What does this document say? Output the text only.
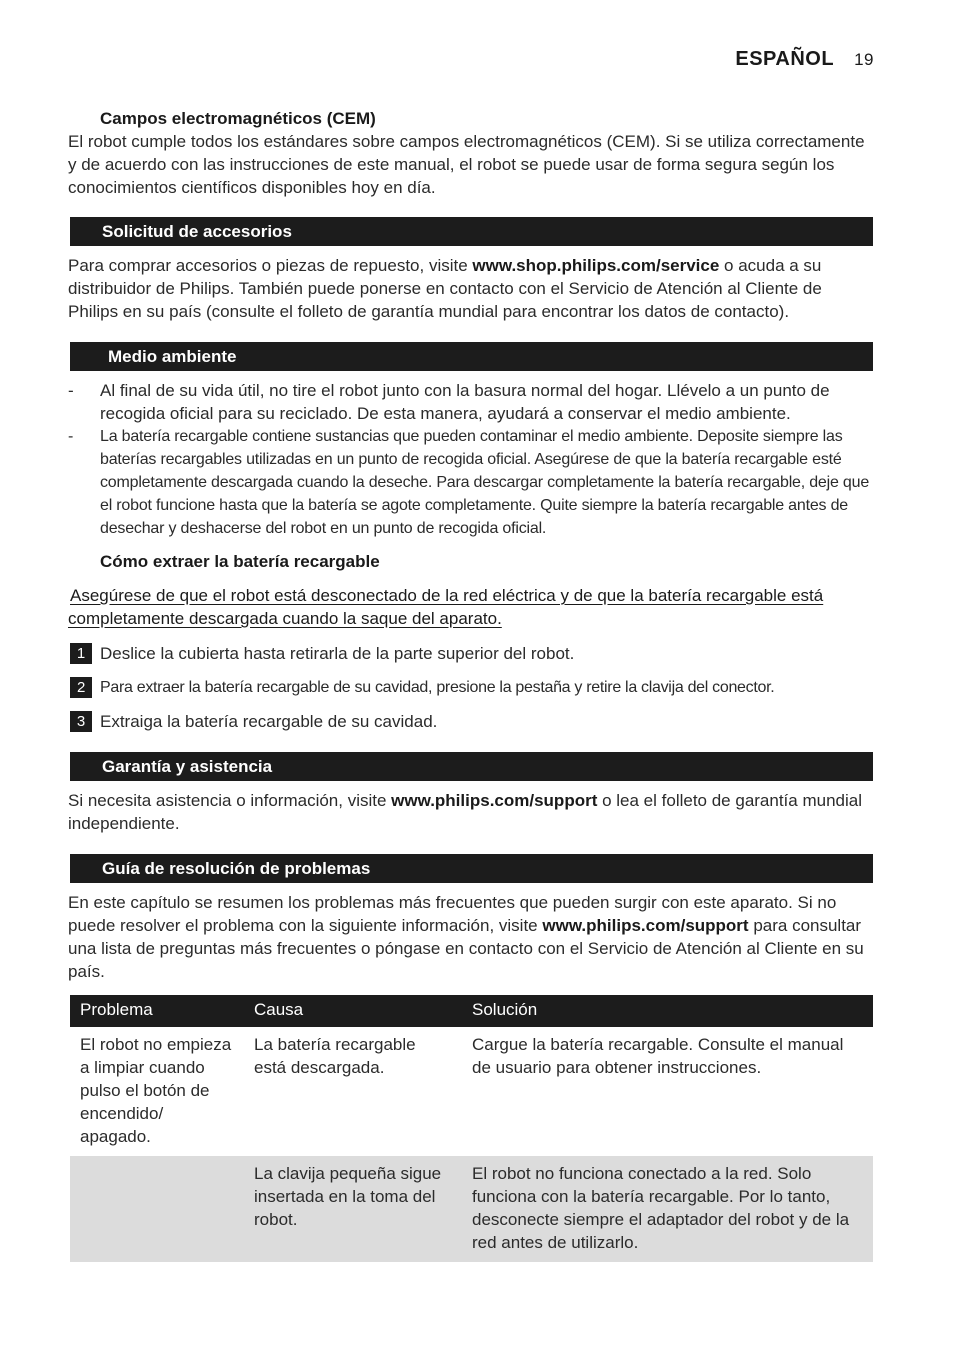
ESPAÑOL 19
Campos electromagnéticos (CEM)

El robot cumple todos los estándares sobre campos electromagnéticos (CEM). Si se utiliza correctamente y de acuerdo con las instrucciones de este manual, el robot se puede usar de forma segura según los conocimientos científicos disponibles hoy en día.

Solicitud de accesorios

Para comprar accesorios o piezas de repuesto, visite www.shop.philips.com/service o acuda a su distribuidor de Philips. También puede ponerse en contacto con el Servicio de Atención al Cliente de Philips en su país (consulte el folleto de garantía mundial para encontrar los datos de contacto).

Medio ambiente
- Al final de su vida útil, no tire el robot junto con la basura normal del hogar. Llévelo a un punto de recogida oficial para su reciclado. De esta manera, ayudará a conservar el medio ambiente.
- La batería recargable contiene sustancias que pueden contaminar el medio ambiente. Deposite siempre las baterías recargables utilizadas en un punto de recogida oficial. Asegúrese de que la batería recargable esté completamente descargada cuando la deseche. Para descargar completamente la batería recargable, deje que el robot funcione hasta que la batería se agote completamente. Quite siempre la batería recargable antes de desechar y deshacerse del robot en un punto de recogida oficial.
Cómo extraer la batería recargable

Asegúrese de que el robot está desconectado de la red eléctrica y de que la batería recargable está completamente descargada cuando la saque del aparato.

1 Deslice la cubierta hasta retirarla de la parte superior del robot.
2 Para extraer la batería recargable de su cavidad, presione la pestaña y retire la clavija del conector.
3 Extraiga la batería recargable de su cavidad.
Garantía y asistencia

Si necesita asistencia o información, visite www.philips.com/support o lea el folleto de garantía mundial independiente.

Guía de resolución de problemas

En este capítulo se resumen los problemas más frecuentes que pueden surgir con este aparato. Si no puede resolver el problema con la siguiente información, visite www.philips.com/support para consultar una lista de preguntas más frecuentes o póngase en contacto con el Servicio de Atención al Cliente en su país.

Problema	Causa	Solución
El robot no empieza a limpiar cuando pulso el botón de encendido/ apagado.	La batería recargable está descargada.	Cargue la batería recargable. Consulte el manual de usuario para obtener instrucciones.
	La clavija pequeña sigue insertada en la toma del robot.	El robot no funciona conectado a la red. Solo funciona con la batería recargable. Por lo tanto, desconecte siempre el adaptador del robot y de la red antes de utilizarlo.
